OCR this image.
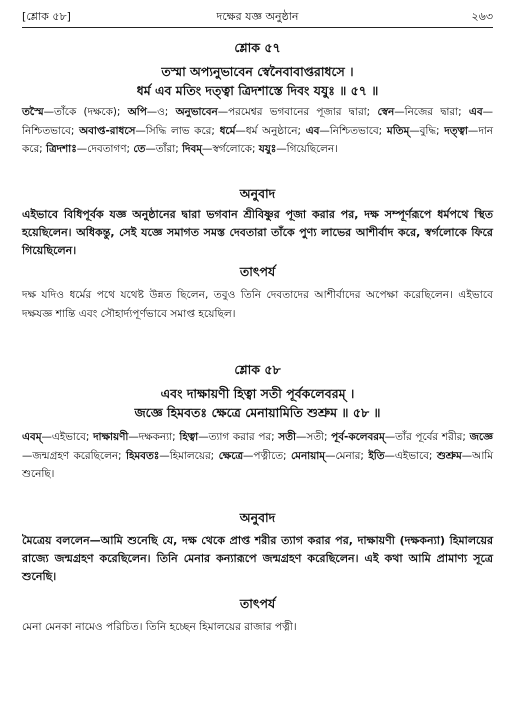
[শ্লোক ৫৮]	দক্ষের যজ্ঞ অনুষ্ঠান	২৬৩
শ্লোক ৫৭
তস্মা অপ্যনুভাবেন স্বেনৈবাবাপ্তরাধসে ।
ধর্ম এব মতিং দত্ত্বা ত্রিদশাস্তে দিবং যযুঃ ॥ ৫৭ ॥
তস্মৈ—তাঁকে (দক্ষকে); অপি—ও; অনুভাবেন—পরমেশ্বর ভগবানের পূজার দ্বারা; স্বেন—নিজের দ্বারা; এব—নিশ্চিতভাবে; অবাপ্ত-রাধসে—সিদ্ধি লাভ করে; ধর্মে—ধর্ম অনুষ্ঠানে; এব—নিশ্চিতভাবে; মতিম্—বুদ্ধি; দত্ত্বা—দান করে; ত্রিদশাঃ—দেবতাগণ; তে—তাঁরা; দিবম্—স্বর্গলোকে; যযুঃ—গিয়েছিলেন।
অনুবাদ
এইভাবে বিধিপূর্বক যজ্ঞ অনুষ্ঠানের দ্বারা ভগবান শ্রীবিষ্ণুর পূজা করার পর, দক্ষ সম্পূর্ণরূপে ধর্মপথে স্থিত হয়েছিলেন। অধিকন্তু, সেই যজ্ঞে সমাগত সমস্ত দেবতারা তাঁকে পুণ্য লাভের আশীর্বাদ করে, স্বর্গলোকে ফিরে গিয়েছিলেন।
তাৎপর্য
দক্ষ যদিও ধর্মের পথে যথেষ্ট উন্নত ছিলেন, তবুও তিনি দেবতাদের আশীর্বাদের অপেক্ষা করেছিলেন। এইভাবে দক্ষযজ্ঞ শান্তি এবং সৌহার্দ্যপূর্ণভাবে সমাপ্ত হয়েছিল।
শ্লোক ৫৮
এবং দাক্ষায়ণী হিত্বা সতী পূর্বকলেবরম্ ।
জজ্ঞে হিমবতঃ ক্ষেত্রে মেনায়ামিতি শুশ্রুম ॥ ৫৮ ॥
এবম্—এইভাবে; দাক্ষায়ণী—দক্ষকন্যা; হিত্বা—ত্যাগ করার পর; সতী—সতী; পূর্ব-কলেবরম্—তাঁর পূর্বের শরীর; জজ্ঞে—জন্মগ্রহণ করেছিলেন; হিমবতঃ—হিমালয়ের; ক্ষেত্রে—পত্নীতে; মেনায়াম্—মেনার; ইতি—এইভাবে; শুশ্রুম—আমি শুনেছি।
অনুবাদ
মৈত্রেয় বললেন—আমি শুনেছি যে, দক্ষ থেকে প্রাপ্ত শরীর ত্যাগ করার পর, দাক্ষায়ণী (দক্ষকন্যা) হিমালয়ের রাজ্যে জন্মগ্রহণ করেছিলেন। তিনি মেনার কন্যারূপে জন্মগ্রহণ করেছিলেন। এই কথা আমি প্রামাণ্য সূত্রে শুনেছি।
তাৎপর্য
মেনা মেনকা নামেও পরিচিত। তিনি হচ্ছেন হিমালয়ের রাজার পত্নী।
